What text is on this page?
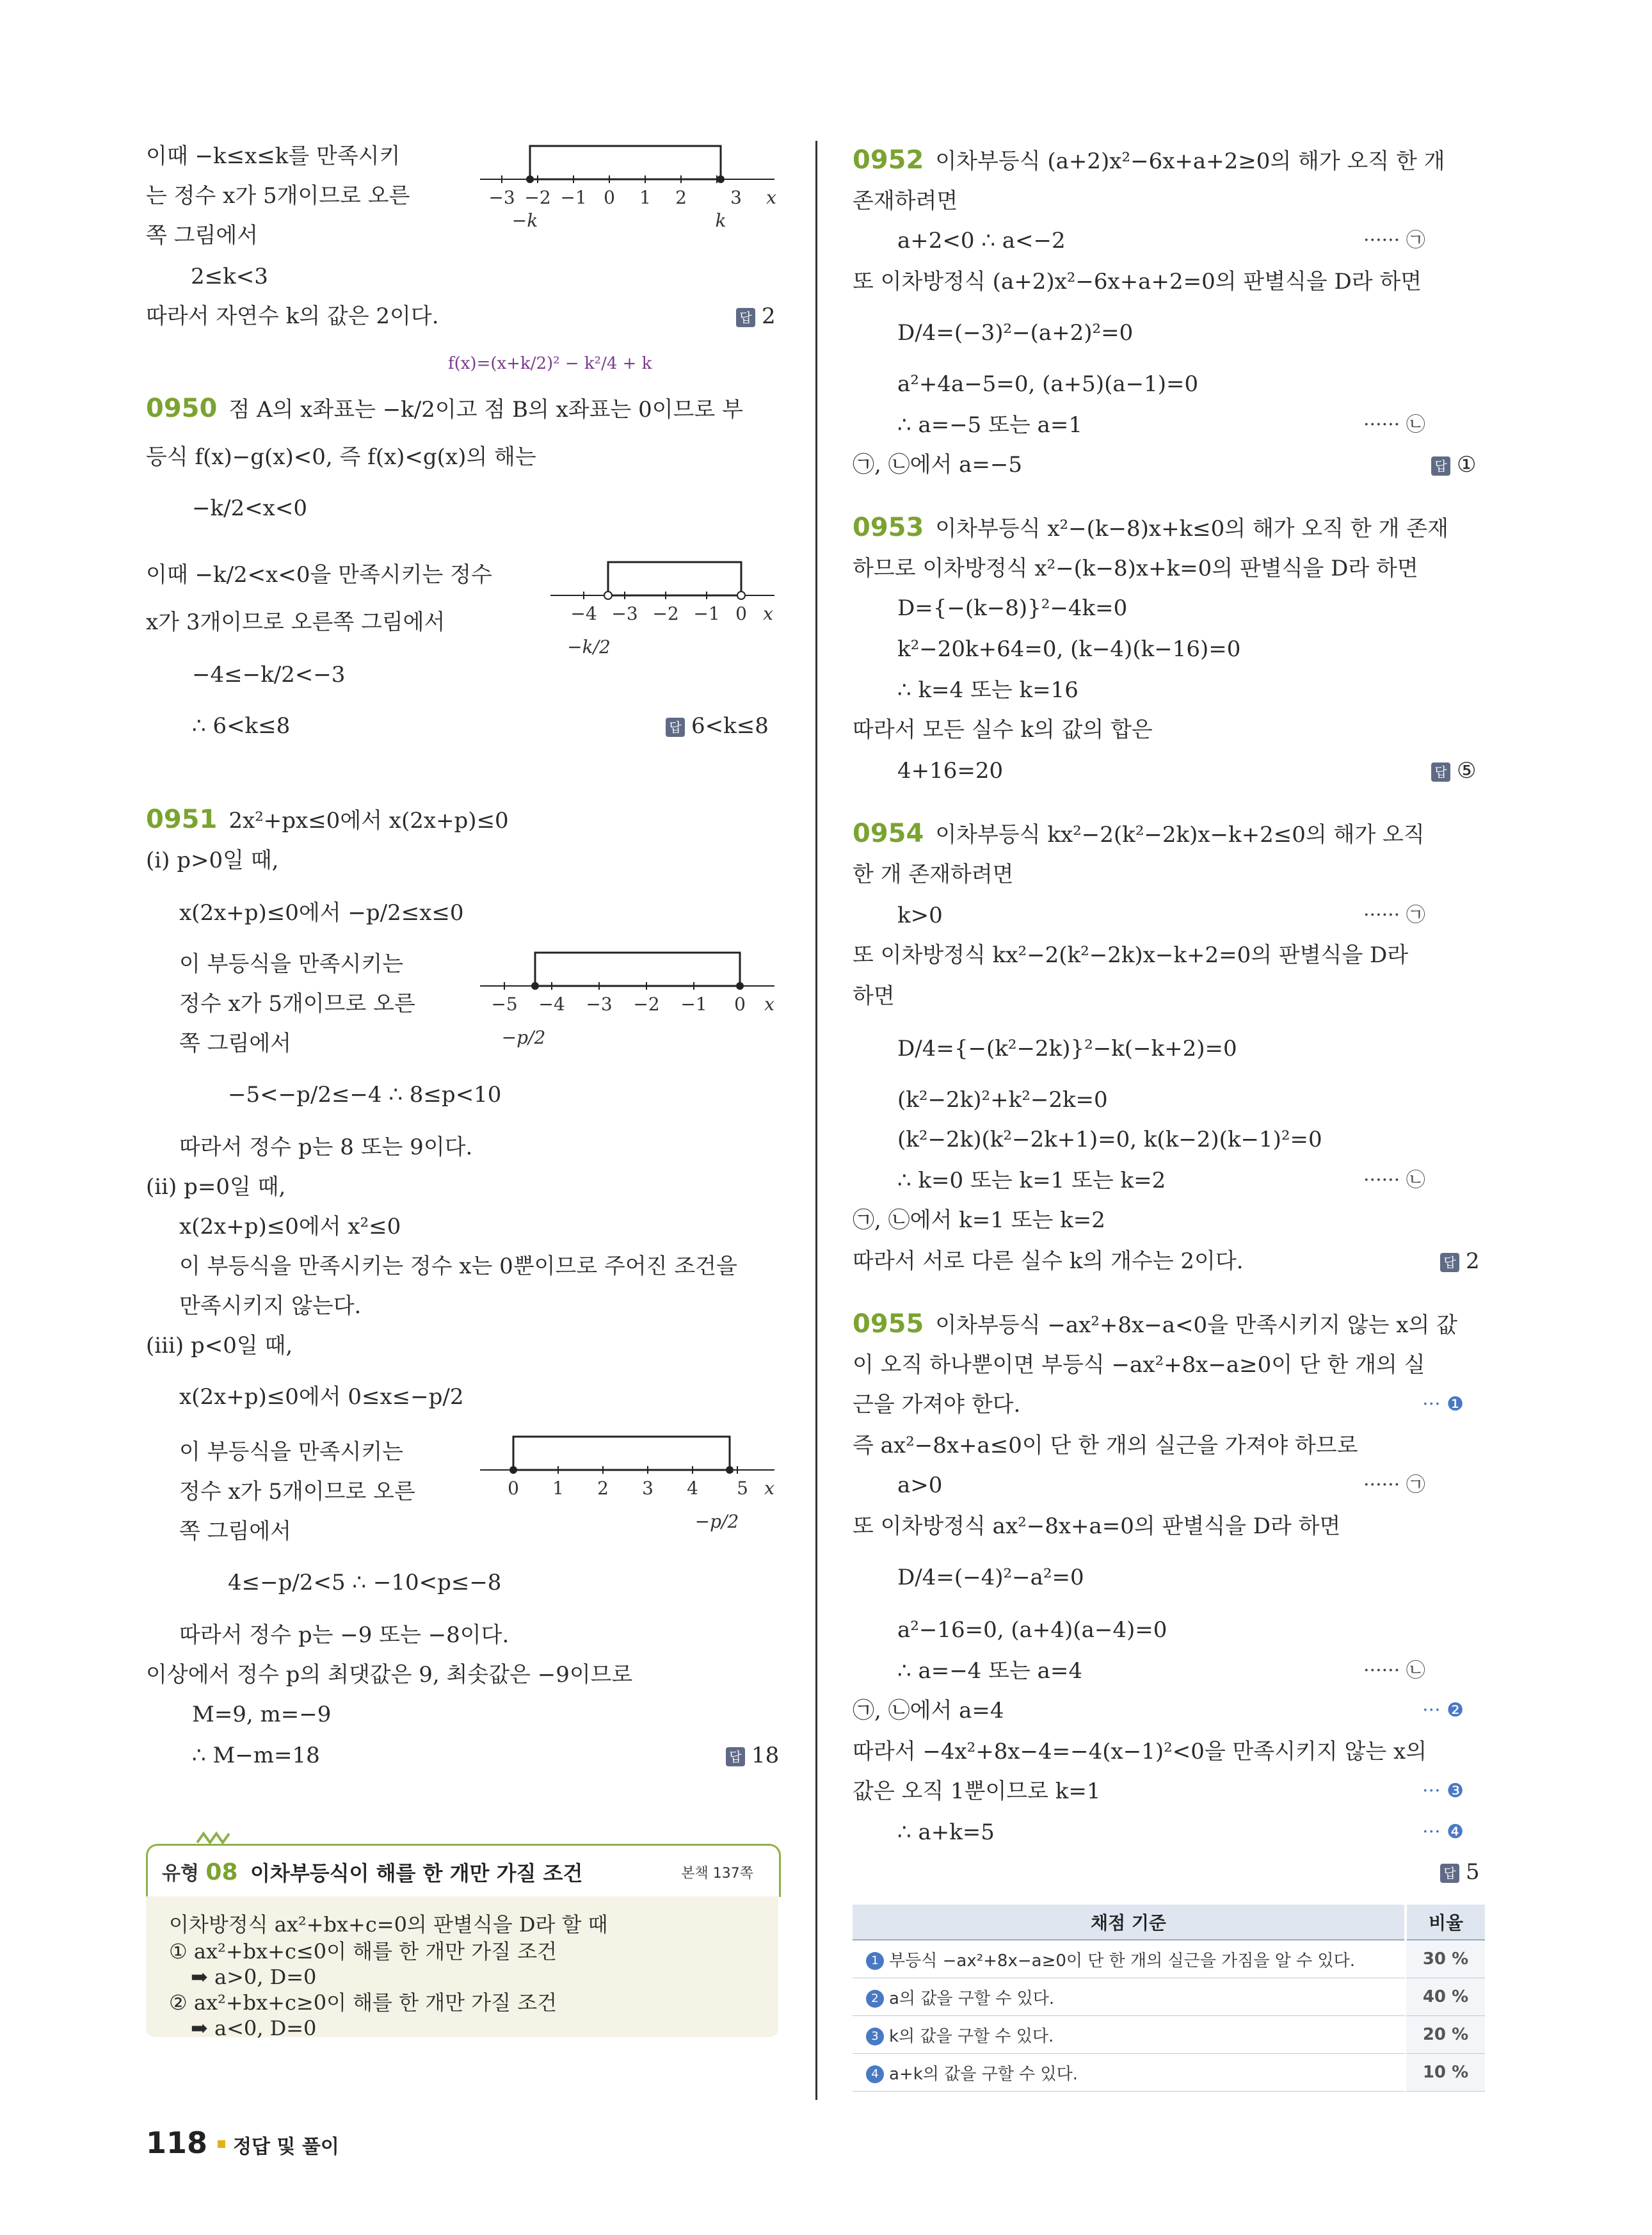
이때 −k≤x≤k를 만족시키
는 정수 x가 5개이므로 오른
쪽 그림에서
2≤k<3
따라서 자연수 k의 값은 2이다.	답 2
−3 −2 −1 0 1 2 3 x
−k	k
f(x)=(x+k/2)² − k²/4 + k
0950 점 A의 x좌표는 −k/2이고 점 B의 x좌표는 0이므로 부
등식 f(x)−g(x)<0, 즉 f(x)<g(x)의 해는
−k/2<x<0
이때 −k/2<x<0을 만족시키는 정수
x가 3개이므로 오른쪽 그림에서
−4≤−k/2<−3
∴ 6<k≤8	답 6<k≤8
−4 −3 −2 −1 0 x
−k/2
0951 2x²+px≤0에서 x(2x+p)≤0
(i) p>0일 때,
x(2x+p)≤0에서 −p/2≤x≤0
이 부등식을 만족시키는
정수 x가 5개이므로 오른
쪽 그림에서
−5<−p/2≤−4 ∴ 8≤p<10
따라서 정수 p는 8 또는 9이다.
(ii) p=0일 때,
x(2x+p)≤0에서 x²≤0
이 부등식을 만족시키는 정수 x는 0뿐이므로 주어진 조건을
만족시키지 않는다.
(iii) p<0일 때,
x(2x+p)≤0에서 0≤x≤−p/2
이 부등식을 만족시키는
정수 x가 5개이므로 오른
쪽 그림에서
4≤−p/2<5 ∴ −10<p≤−8
따라서 정수 p는 −9 또는 −8이다.
이상에서 정수 p의 최댓값은 9, 최솟값은 −9이므로
M=9, m=−9
∴ M−m=18	답 18
−5 −4 −3 −2 −1 0 x
−p/2
0 1 2 3 4 5 x
−p/2
유형 08 이차부등식이 해를 한 개만 가질 조건	본책 137쪽
이차방정식 ax²+bx+c=0의 판별식을 D라 할 때
① ax²+bx+c≤0이 해를 한 개만 가질 조건
➡ a>0, D=0
② ax²+bx+c≥0이 해를 한 개만 가질 조건
➡ a<0, D=0
0952 이차부등식 (a+2)x²−6x+a+2≥0의 해가 오직 한 개
존재하려면
a+2<0 ∴ a<−2	······ ㉠
또 이차방정식 (a+2)x²−6x+a+2=0의 판별식을 D라 하면
D/4=(−3)²−(a+2)²=0
a²+4a−5=0, (a+5)(a−1)=0
∴ a=−5 또는 a=1	······ ㉡
㉠, ㉡에서 a=−5	답 ①
0953 이차부등식 x²−(k−8)x+k≤0의 해가 오직 한 개 존재
하므로 이차방정식 x²−(k−8)x+k=0의 판별식을 D라 하면
D={−(k−8)}²−4k=0
k²−20k+64=0, (k−4)(k−16)=0
∴ k=4 또는 k=16
따라서 모든 실수 k의 값의 합은
4+16=20	답 ⑤
0954 이차부등식 kx²−2(k²−2k)x−k+2≤0의 해가 오직
한 개 존재하려면
k>0	······ ㉠
또 이차방정식 kx²−2(k²−2k)x−k+2=0의 판별식을 D라
하면
D/4={−(k²−2k)}²−k(−k+2)=0
(k²−2k)²+k²−2k=0
(k²−2k)(k²−2k+1)=0, k(k−2)(k−1)²=0
∴ k=0 또는 k=1 또는 k=2	······ ㉡
㉠, ㉡에서 k=1 또는 k=2
따라서 서로 다른 실수 k의 개수는 2이다.	답 2
0955 이차부등식 −ax²+8x−a<0을 만족시키지 않는 x의 값
이 오직 하나뿐이면 부등식 −ax²+8x−a≥0이 단 한 개의 실
근을 가져야 한다.	··· ❶
즉 ax²−8x+a≤0이 단 한 개의 실근을 가져야 하므로
a>0	······ ㉠
또 이차방정식 ax²−8x+a=0의 판별식을 D라 하면
D/4=(−4)²−a²=0
a²−16=0, (a+4)(a−4)=0
∴ a=−4 또는 a=4	······ ㉡
㉠, ㉡에서 a=4	··· ❷
따라서 −4x²+8x−4=−4(x−1)²<0을 만족시키지 않는 x의
값은 오직 1뿐이므로 k=1	··· ❸
∴ a+k=5	··· ❹
답 5
채점 기준	비율
1 부등식 −ax²+8x−a≥0이 단 한 개의 실근을 가짐을 알 수 있다.	30 %
2 a의 값을 구할 수 있다.	40 %
3 k의 값을 구할 수 있다.	20 %
4 a+k의 값을 구할 수 있다.	10 %
118 정답 및 풀이
